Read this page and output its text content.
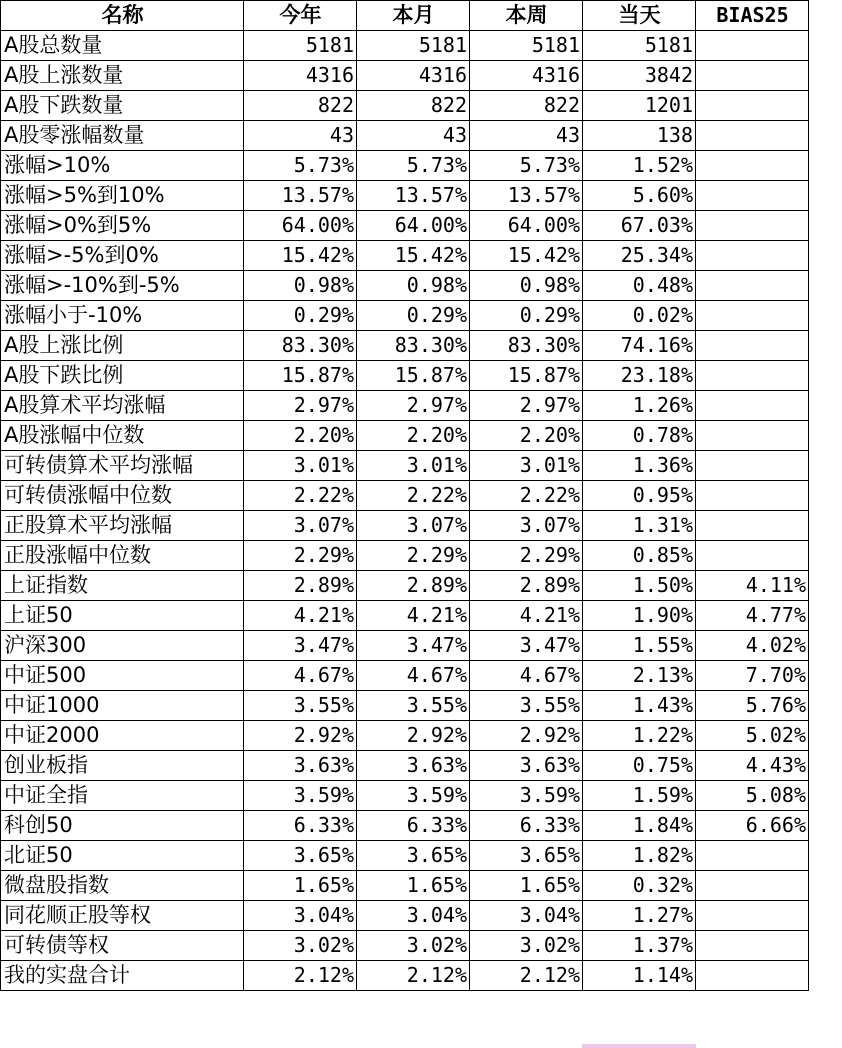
名称	今年	本月	本周	当天	BIAS25
A股总数量	5181	5181	5181	5181	
A股上涨数量	4316	4316	4316	3842	
A股下跌数量	822	822	822	1201	
A股零涨幅数量	43	43	43	138	
涨幅>10%	5.73%	5.73%	5.73%	1.52%	
涨幅>5%到10%	13.57%	13.57%	13.57%	5.60%	
涨幅>0%到5%	64.00%	64.00%	64.00%	67.03%	
涨幅>-5%到0%	15.42%	15.42%	15.42%	25.34%	
涨幅>-10%到-5%	0.98%	0.98%	0.98%	0.48%	
涨幅小于-10%	0.29%	0.29%	0.29%	0.02%	
A股上涨比例	83.30%	83.30%	83.30%	74.16%	
A股下跌比例	15.87%	15.87%	15.87%	23.18%	
A股算术平均涨幅	2.97%	2.97%	2.97%	1.26%	
A股涨幅中位数	2.20%	2.20%	2.20%	0.78%	
可转债算术平均涨幅	3.01%	3.01%	3.01%	1.36%	
可转债涨幅中位数	2.22%	2.22%	2.22%	0.95%	
正股算术平均涨幅	3.07%	3.07%	3.07%	1.31%	
正股涨幅中位数	2.29%	2.29%	2.29%	0.85%	
上证指数	2.89%	2.89%	2.89%	1.50%	4.11%
上证50	4.21%	4.21%	4.21%	1.90%	4.77%
沪深300	3.47%	3.47%	3.47%	1.55%	4.02%
中证500	4.67%	4.67%	4.67%	2.13%	7.70%
中证1000	3.55%	3.55%	3.55%	1.43%	5.76%
中证2000	2.92%	2.92%	2.92%	1.22%	5.02%
创业板指	3.63%	3.63%	3.63%	0.75%	4.43%
中证全指	3.59%	3.59%	3.59%	1.59%	5.08%
科创50	6.33%	6.33%	6.33%	1.84%	6.66%
北证50	3.65%	3.65%	3.65%	1.82%	
微盘股指数	1.65%	1.65%	1.65%	0.32%	
同花顺正股等权	3.04%	3.04%	3.04%	1.27%	
可转债等权	3.02%	3.02%	3.02%	1.37%	
我的实盘合计	2.12%	2.12%	2.12%	1.14%	
